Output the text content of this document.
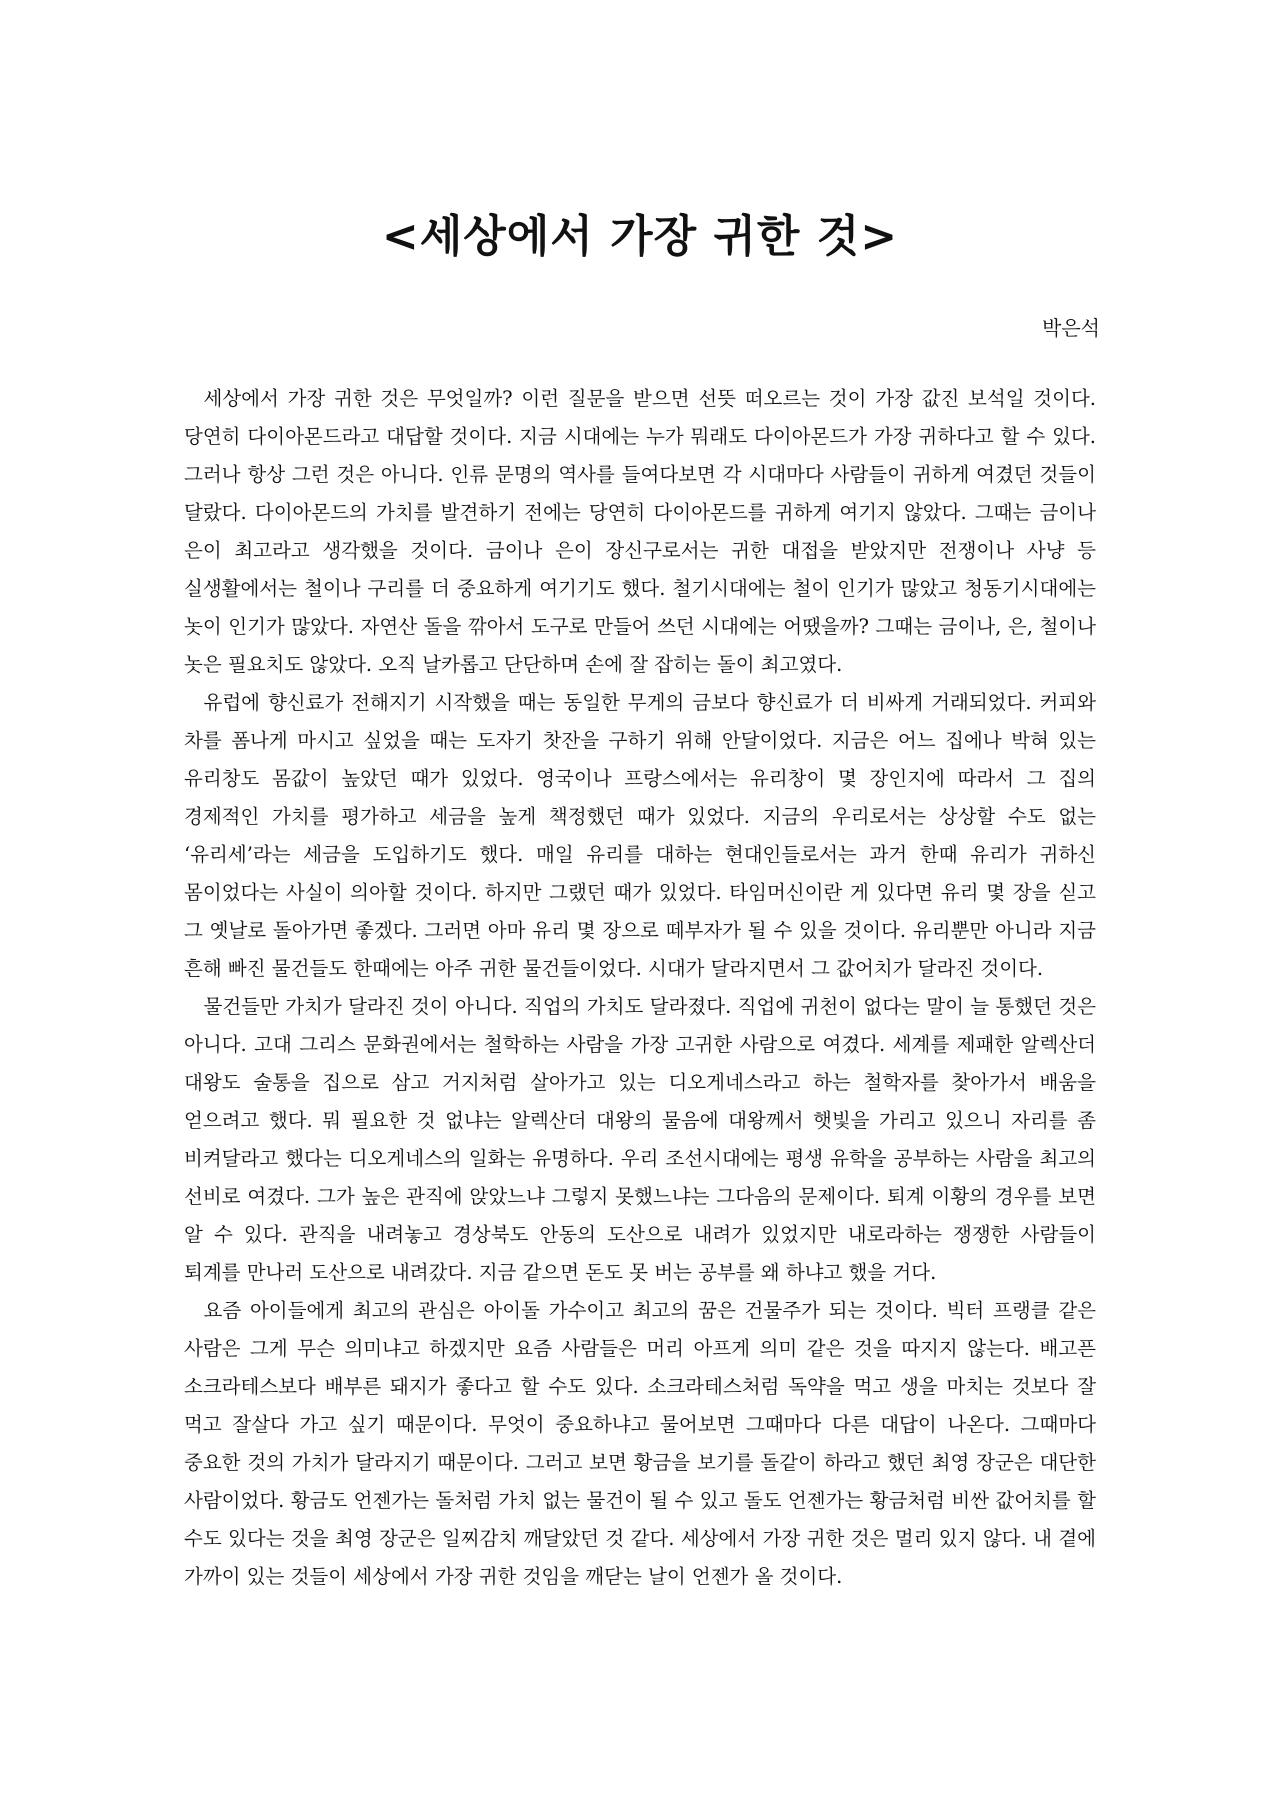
<세상에서 가장 귀한 것>

박은석

세상에서 가장 귀한 것은 무엇일까? 이런 질문을 받으면 선뜻 떠오르는 것이 가장 값진 보석일 것이다. 당연히 다이아몬드라고 대답할 것이다. 지금 시대에는 누가 뭐래도 다이아몬드가 가장 귀하다고 할 수 있다. 그러나 항상 그런 것은 아니다. 인류 문명의 역사를 들여다보면 각 시대마다 사람들이 귀하게 여겼던 것들이 달랐다. 다이아몬드의 가치를 발견하기 전에는 당연히 다이아몬드를 귀하게 여기지 않았다. 그때는 금이나 은이 최고라고 생각했을 것이다. 금이나 은이 장신구로서는 귀한 대접을 받았지만 전쟁이나 사냥 등 실생활에서는 철이나 구리를 더 중요하게 여기기도 했다. 철기시대에는 철이 인기가 많았고 청동기시대에는 놋이 인기가 많았다. 자연산 돌을 깎아서 도구로 만들어 쓰던 시대에는 어땠을까? 그때는 금이나, 은, 철이나 놋은 필요치도 않았다. 오직 날카롭고 단단하며 손에 잘 잡히는 돌이 최고였다.

유럽에 향신료가 전해지기 시작했을 때는 동일한 무게의 금보다 향신료가 더 비싸게 거래되었다. 커피와 차를 폼나게 마시고 싶었을 때는 도자기 찻잔을 구하기 위해 안달이었다. 지금은 어느 집에나 박혀 있는 유리창도 몸값이 높았던 때가 있었다. 영국이나 프랑스에서는 유리창이 몇 장인지에 따라서 그 집의 경제적인 가치를 평가하고 세금을 높게 책정했던 때가 있었다. 지금의 우리로서는 상상할 수도 없는 ‘유리세’라는 세금을 도입하기도 했다. 매일 유리를 대하는 현대인들로서는 과거 한때 유리가 귀하신 몸이었다는 사실이 의아할 것이다. 하지만 그랬던 때가 있었다. 타임머신이란 게 있다면 유리 몇 장을 싣고 그 옛날로 돌아가면 좋겠다. 그러면 아마 유리 몇 장으로 떼부자가 될 수 있을 것이다. 유리뿐만 아니라 지금 흔해 빠진 물건들도 한때에는 아주 귀한 물건들이었다. 시대가 달라지면서 그 값어치가 달라진 것이다.

물건들만 가치가 달라진 것이 아니다. 직업의 가치도 달라졌다. 직업에 귀천이 없다는 말이 늘 통했던 것은 아니다. 고대 그리스 문화권에서는 철학하는 사람을 가장 고귀한 사람으로 여겼다. 세계를 제패한 알렉산더 대왕도 술통을 집으로 삼고 거지처럼 살아가고 있는 디오게네스라고 하는 철학자를 찾아가서 배움을 얻으려고 했다. 뭐 필요한 것 없냐는 알렉산더 대왕의 물음에 대왕께서 햇빛을 가리고 있으니 자리를 좀 비켜달라고 했다는 디오게네스의 일화는 유명하다. 우리 조선시대에는 평생 유학을 공부하는 사람을 최고의 선비로 여겼다. 그가 높은 관직에 앉았느냐 그렇지 못했느냐는 그다음의 문제이다. 퇴계 이황의 경우를 보면 알 수 있다. 관직을 내려놓고 경상북도 안동의 도산으로 내려가 있었지만 내로라하는 쟁쟁한 사람들이 퇴계를 만나러 도산으로 내려갔다. 지금 같으면 돈도 못 버는 공부를 왜 하냐고 했을 거다.

요즘 아이들에게 최고의 관심은 아이돌 가수이고 최고의 꿈은 건물주가 되는 것이다. 빅터 프랭클 같은 사람은 그게 무슨 의미냐고 하겠지만 요즘 사람들은 머리 아프게 의미 같은 것을 따지지 않는다. 배고픈 소크라테스보다 배부른 돼지가 좋다고 할 수도 있다. 소크라테스처럼 독약을 먹고 생을 마치는 것보다 잘 먹고 잘살다 가고 싶기 때문이다. 무엇이 중요하냐고 물어보면 그때마다 다른 대답이 나온다. 그때마다 중요한 것의 가치가 달라지기 때문이다. 그러고 보면 황금을 보기를 돌같이 하라고 했던 최영 장군은 대단한 사람이었다. 황금도 언젠가는 돌처럼 가치 없는 물건이 될 수 있고 돌도 언젠가는 황금처럼 비싼 값어치를 할 수도 있다는 것을 최영 장군은 일찌감치 깨달았던 것 같다. 세상에서 가장 귀한 것은 멀리 있지 않다. 내 곁에 가까이 있는 것들이 세상에서 가장 귀한 것임을 깨닫는 날이 언젠가 올 것이다.
